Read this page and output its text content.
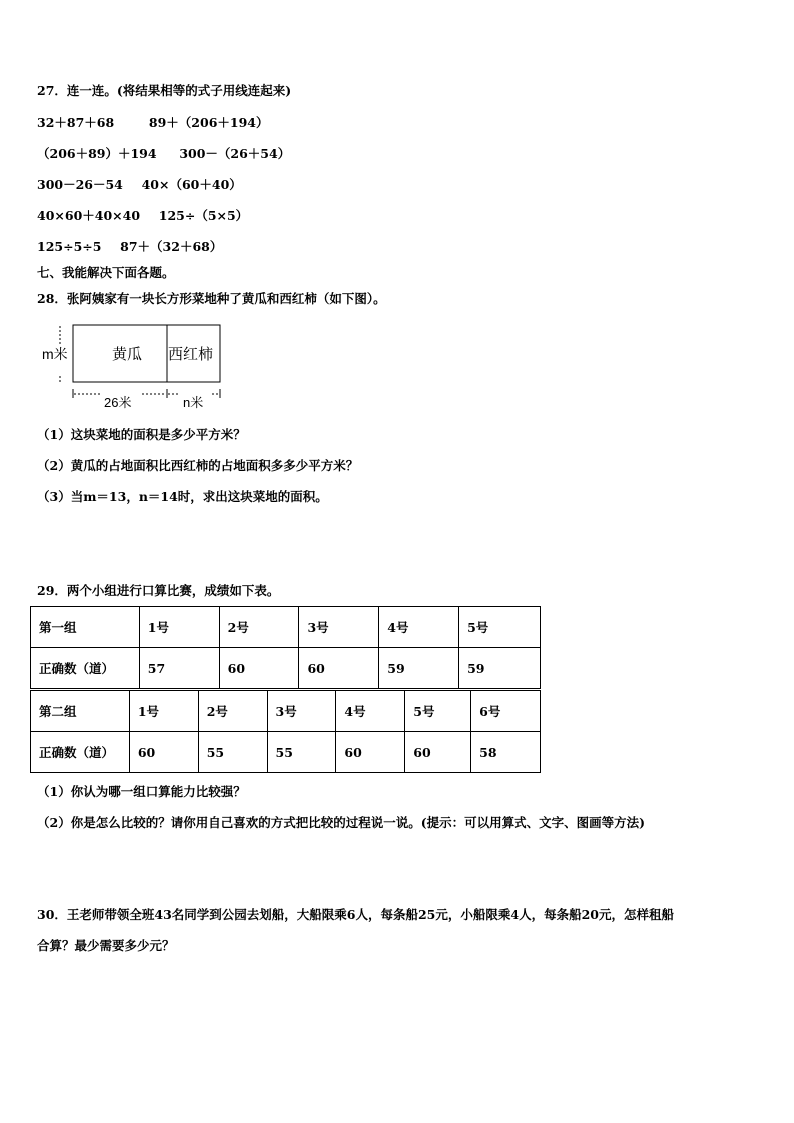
27．连一连。(将结果相等的式子用线连起来)
32＋87＋68	89＋（206＋194）
（206＋89）＋194 300－（26＋54）
300－26－54 40×（60＋40）
40×60＋40×40 125÷（5×5）
125÷5÷5 87＋（32＋68）
七、我能解决下面各题。
28．张阿姨家有一块长方形菜地种了黄瓜和西红柿（如下图）。
m米	黄瓜 西红柿
26米	n米
（1）这块菜地的面积是多少平方米？
（2）黄瓜的占地面积比西红柿的占地面积多多少平方米？
（3）当m＝13，n＝14时，求出这块菜地的面积。
29．两个小组进行口算比赛，成绩如下表。
第一组	1号	2号	3号	4号	5号
正确数（道）	57	60	60	59	59
第二组	1号	2号	3号	4号	5号	6号
正确数（道）	60	55	55	60	60	58
（1）你认为哪一组口算能力比较强？
（2）你是怎么比较的？请你用自己喜欢的方式把比较的过程说一说。(提示：可以用算式、文字、图画等方法)
30．王老师带领全班43名同学到公园去划船，大船限乘6人，每条船25元，小船限乘4人，每条船20元，怎样租船
合算？最少需要多少元？
